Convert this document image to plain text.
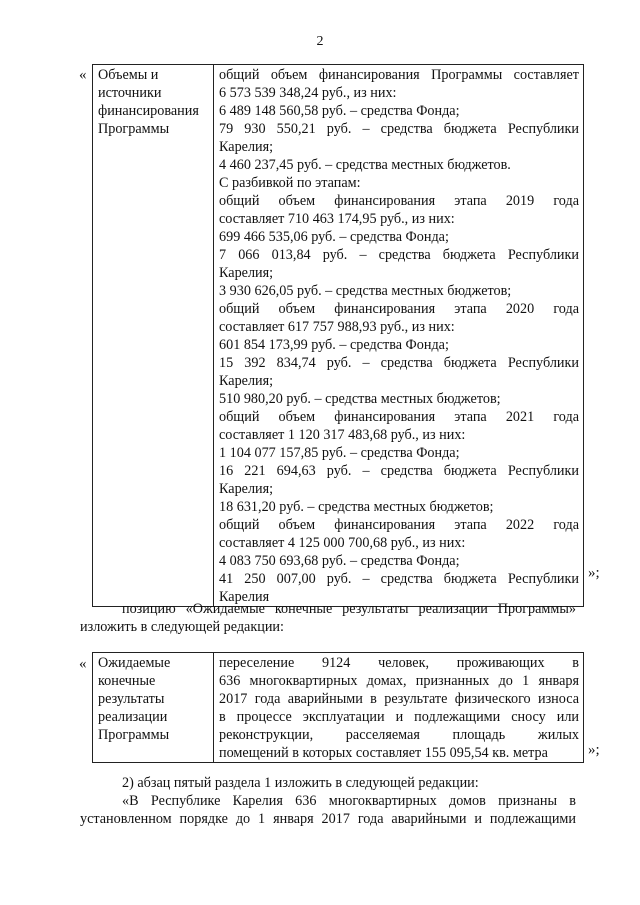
2
« Объемы и
источники
финансирования
Программы

общий объем финансирования Программы составляет
6 573 539 348,24 руб., из них:
6 489 148 560,58 руб. – средства Фонда;
79 930 550,21 руб. – средства бюджета Республики
Карелия;
4 460 237,45 руб. – средства местных бюджетов.
С разбивкой по этапам:
общий объем финансирования этапа 2019 года
составляет 710 463 174,95 руб., из них:
699 466 535,06 руб. – средства Фонда;
7 066 013,84 руб. – средства бюджета Республики
Карелия;
3 930 626,05 руб. – средства местных бюджетов;
общий объем финансирования этапа 2020 года
составляет 617 757 988,93 руб., из них:
601 854 173,99 руб. – средства Фонда;
15 392 834,74 руб. – средства бюджета Республики
Карелия;
510 980,20 руб. – средства местных бюджетов;
общий объем финансирования этапа 2021 года
составляет 1 120 317 483,68 руб., из них:
1 104 077 157,85 руб. – средства Фонда;
16 221 694,63 руб. – средства бюджета Республики
Карелия;
18 631,20 руб. – средства местных бюджетов;
общий объем финансирования этапа 2022 года
составляет 4 125 000 700,68 руб., из них:
4 083 750 693,68 руб. – средства Фонда;
41 250 007,00 руб. – средства бюджета Республики
Карелия
»;
позицию «Ожидаемые конечные результаты реализации Программы»
изложить в следующей редакции:
« Ожидаемые
конечные
результаты
реализации
Программы

переселение 9124 человек, проживающих в
636 многоквартирных домах, признанных до 1 января
2017 года аварийными в результате физического износа
в процессе эксплуатации и подлежащими сносу или
реконструкции, расселяемая площадь жилых
помещений в которых составляет 155 095,54 кв. метра	»;
2) абзац пятый раздела 1 изложить в следующей редакции:
«В Республике Карелия 636 многоквартирных домов признаны в
установленном порядке до 1 января 2017 года аварийными и подлежащими
